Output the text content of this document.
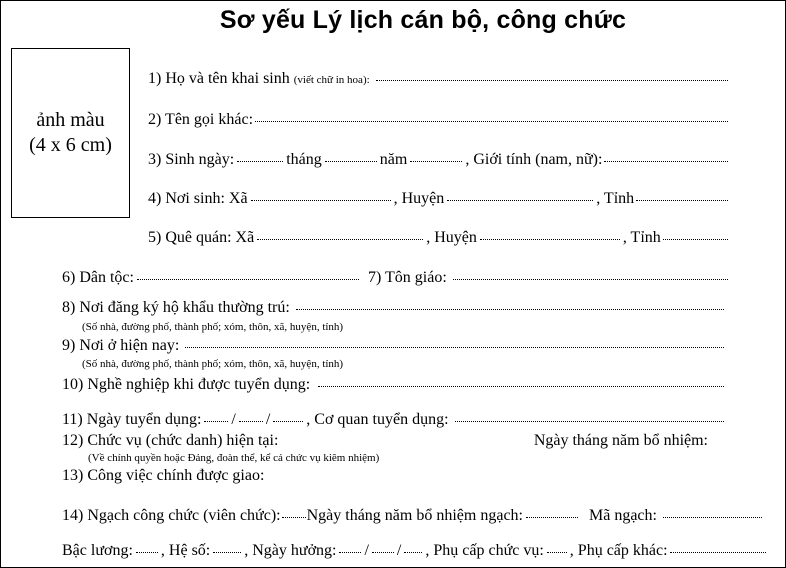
Sơ yếu Lý lịch cán bộ, công chức
ảnh màu
(4 x 6 cm)
1) Họ và tên khai sinh (viết chữ in hoa):
2) Tên gọi khác:
3) Sinh ngày:	tháng	năm	, Giới tính (nam, nữ):
4) Nơi sinh: Xã	, Huyện	, Tỉnh
5) Quê quán: Xã	, Huyện	, Tỉnh
6) Dân tộc:	7) Tôn giáo:
8) Nơi đăng ký hộ khẩu thường trú:
(Số nhà, đường phố, thành phố; xóm, thôn, xã, huyện, tỉnh)
9) Nơi ở hiện nay:
(Số nhà, đường phố, thành phố; xóm, thôn, xã, huyện, tỉnh)
10) Nghề nghiệp khi được tuyển dụng:
11) Ngày tuyển dụng: / / , Cơ quan tuyển dụng:
12) Chức vụ (chức danh) hiện tại:	Ngày tháng năm bổ nhiệm:
(Về chính quyền hoặc Đảng, đoàn thể, kể cả chức vụ kiêm nhiệm)
13) Công việc chính được giao:
14) Ngạch công chức (viên chức): Ngày tháng năm bổ nhiệm ngạch:	Mã ngạch:
Bậc lương: , Hệ số: , Ngày hưởng: / / , Phụ cấp chức vụ: , Phụ cấp khác:
